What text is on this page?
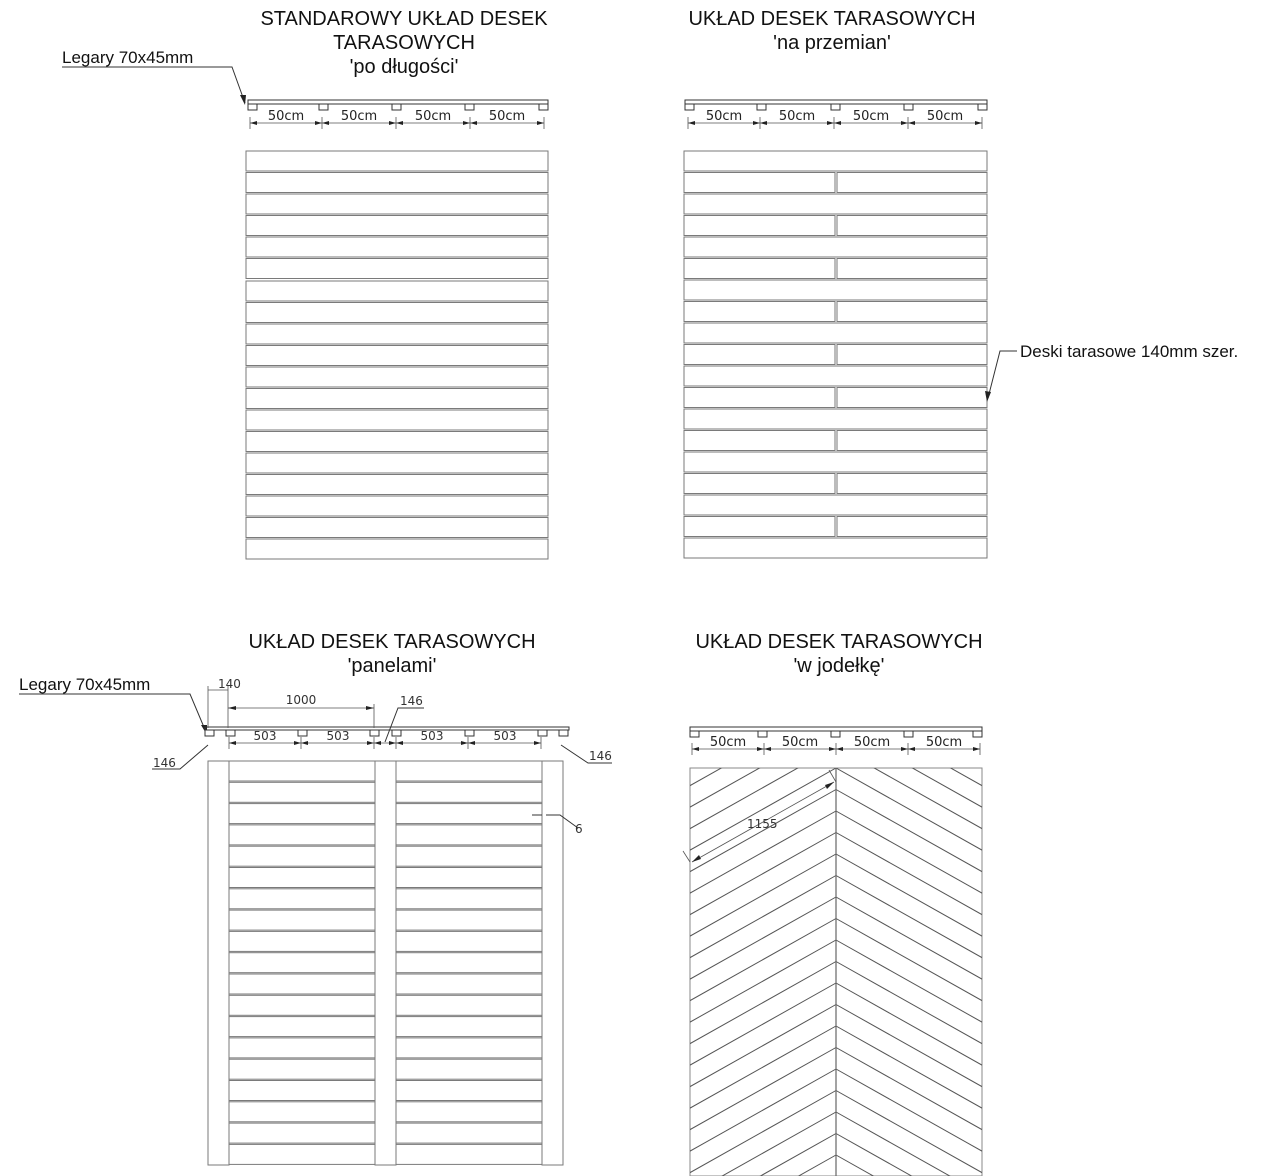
STANDAROWY UKŁAD DESEK
TARASOWYCH
'po długości'
Legary 70x45mm
50cm	50cm	50cm	50cm
UKŁAD DESEK TARASOWYCH
'na przemian'
50cm	50cm	50cm	50cm
Deski tarasowe 140mm szer.
UKŁAD DESEK TARASOWYCH
'panelami'
Legary 70x45mm	140
1000	146
503	503	503	503
146	146
6
UKŁAD DESEK TARASOWYCH
'w jodełkę'
50cm	50cm	50cm	50cm
1155
